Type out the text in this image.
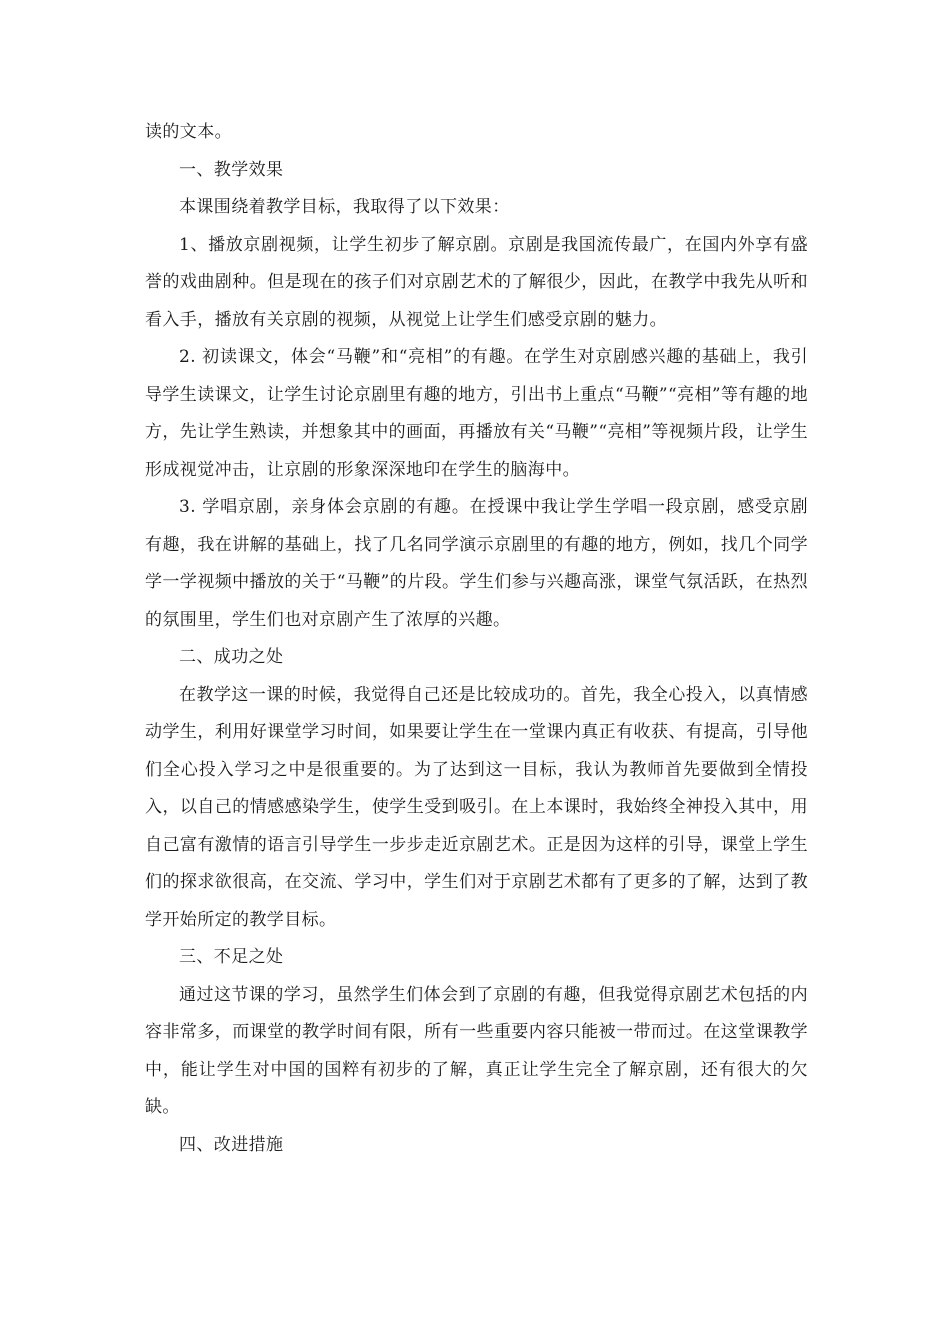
读的文本。

一、教学效果

本课围绕着教学目标，我取得了以下效果：

1、播放京剧视频，让学生初步了解京剧。京剧是我国流传最广，在国内外享有盛誉的戏曲剧种。但是现在的孩子们对京剧艺术的了解很少，因此，在教学中我先从听和看入手，播放有关京剧的视频，从视觉上让学生们感受京剧的魅力。

2. 初读课文，体会“马鞭”和“亮相”的有趣。在学生对京剧感兴趣的基础上，我引导学生读课文，让学生讨论京剧里有趣的地方，引出书上重点“马鞭”“亮相”等有趣的地方，先让学生熟读，并想象其中的画面，再播放有关“马鞭”“亮相”等视频片段，让学生形成视觉冲击，让京剧的形象深深地印在学生的脑海中。

3. 学唱京剧，亲身体会京剧的有趣。在授课中我让学生学唱一段京剧，感受京剧有趣，我在讲解的基础上，找了几名同学演示京剧里的有趣的地方，例如，找几个同学学一学视频中播放的关于“马鞭”的片段。学生们参与兴趣高涨，课堂气氛活跃，在热烈的氛围里，学生们也对京剧产生了浓厚的兴趣。

二、成功之处

在教学这一课的时候，我觉得自己还是比较成功的。首先，我全心投入，以真情感动学生，利用好课堂学习时间，如果要让学生在一堂课内真正有收获、有提高，引导他们全心投入学习之中是很重要的。为了达到这一目标，我认为教师首先要做到全情投入，以自己的情感感染学生，使学生受到吸引。在上本课时，我始终全神投入其中，用自己富有激情的语言引导学生一步步走近京剧艺术。正是因为这样的引导，课堂上学生们的探求欲很高，在交流、学习中，学生们对于京剧艺术都有了更多的了解，达到了教学开始所定的教学目标。

三、不足之处

通过这节课的学习，虽然学生们体会到了京剧的有趣，但我觉得京剧艺术包括的内容非常多，而课堂的教学时间有限，所有一些重要内容只能被一带而过。在这堂课教学中，能让学生对中国的国粹有初步的了解，真正让学生完全了解京剧，还有很大的欠缺。

四、改进措施
